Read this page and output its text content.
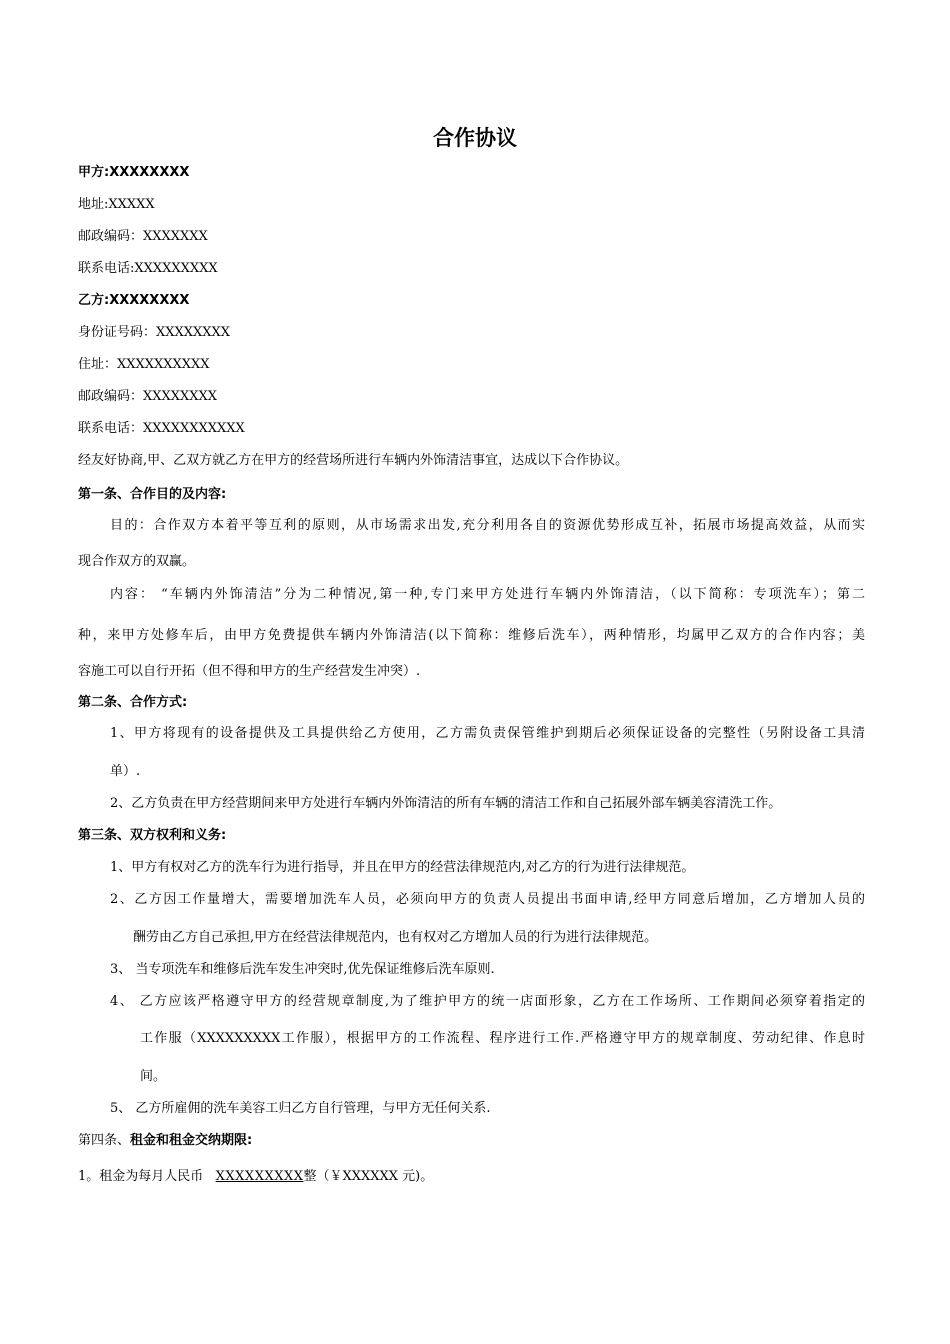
合作协议
甲方:XXXXXXXX
地址:XXXXX
邮政编码：XXXXXXX
联系电话:XXXXXXXXX
乙方:XXXXXXXX
身份证号码：XXXXXXXX
住址：XXXXXXXXXX
邮政编码：XXXXXXXX
联系电话：XXXXXXXXXXX
经友好协商,甲、乙双方就乙方在甲方的经营场所进行车辆内外饰清洁事宜，达成以下合作协议。
第一条、合作目的及内容:
目的：合作双方本着平等互利的原则，从市场需求出发,充分利用各自的资源优势形成互补，拓展市场提高效益，从而实
现合作双方的双赢。
内容： “车辆内外饰清洁”分为二种情况,第一种,专门来甲方处进行车辆内外饰清洁，（以下简称：专项洗车）；第二
种，来甲方处修车后，由甲方免费提供车辆内外饰清洁(以下简称：维修后洗车），两种情形，均属甲乙双方的合作内容；美
容施工可以自行开拓（但不得和甲方的生产经营发生冲突）.
第二条、合作方式:
1、甲方将现有的设备提供及工具提供给乙方使用，乙方需负责保管维护到期后必须保证设备的完整性（另附设备工具清
单）.
2、乙方负责在甲方经营期间来甲方处进行车辆内外饰清洁的所有车辆的清洁工作和自己拓展外部车辆美容清洗工作。
第三条、双方权利和义务:
1、甲方有权对乙方的洗车行为进行指导，并且在甲方的经营法律规范内,对乙方的行为进行法律规范。
2、乙方因工作量增大，需要增加洗车人员，必须向甲方的负责人员提出书面申请,经甲方同意后增加，乙方增加人员的
酬劳由乙方自己承担,甲方在经营法律规范内，也有权对乙方增加人员的行为进行法律规范。
3、 当专项洗车和维修后洗车发生冲突时,优先保证维修后洗车原则.
4、 乙方应该严格遵守甲方的经营规章制度,为了维护甲方的统一店面形象，乙方在工作场所、工作期间必须穿着指定的
工作服（XXXXXXXXX工作服），根据甲方的工作流程、程序进行工作.严格遵守甲方的规章制度、劳动纪律、作息时
间。
5、 乙方所雇佣的洗车美容工归乙方自行管理，与甲方无任何关系.
第四条、租金和租金交纳期限:
1。租金为每月人民币   XXXXXXXXX整（￥XXXXXX 元)。
